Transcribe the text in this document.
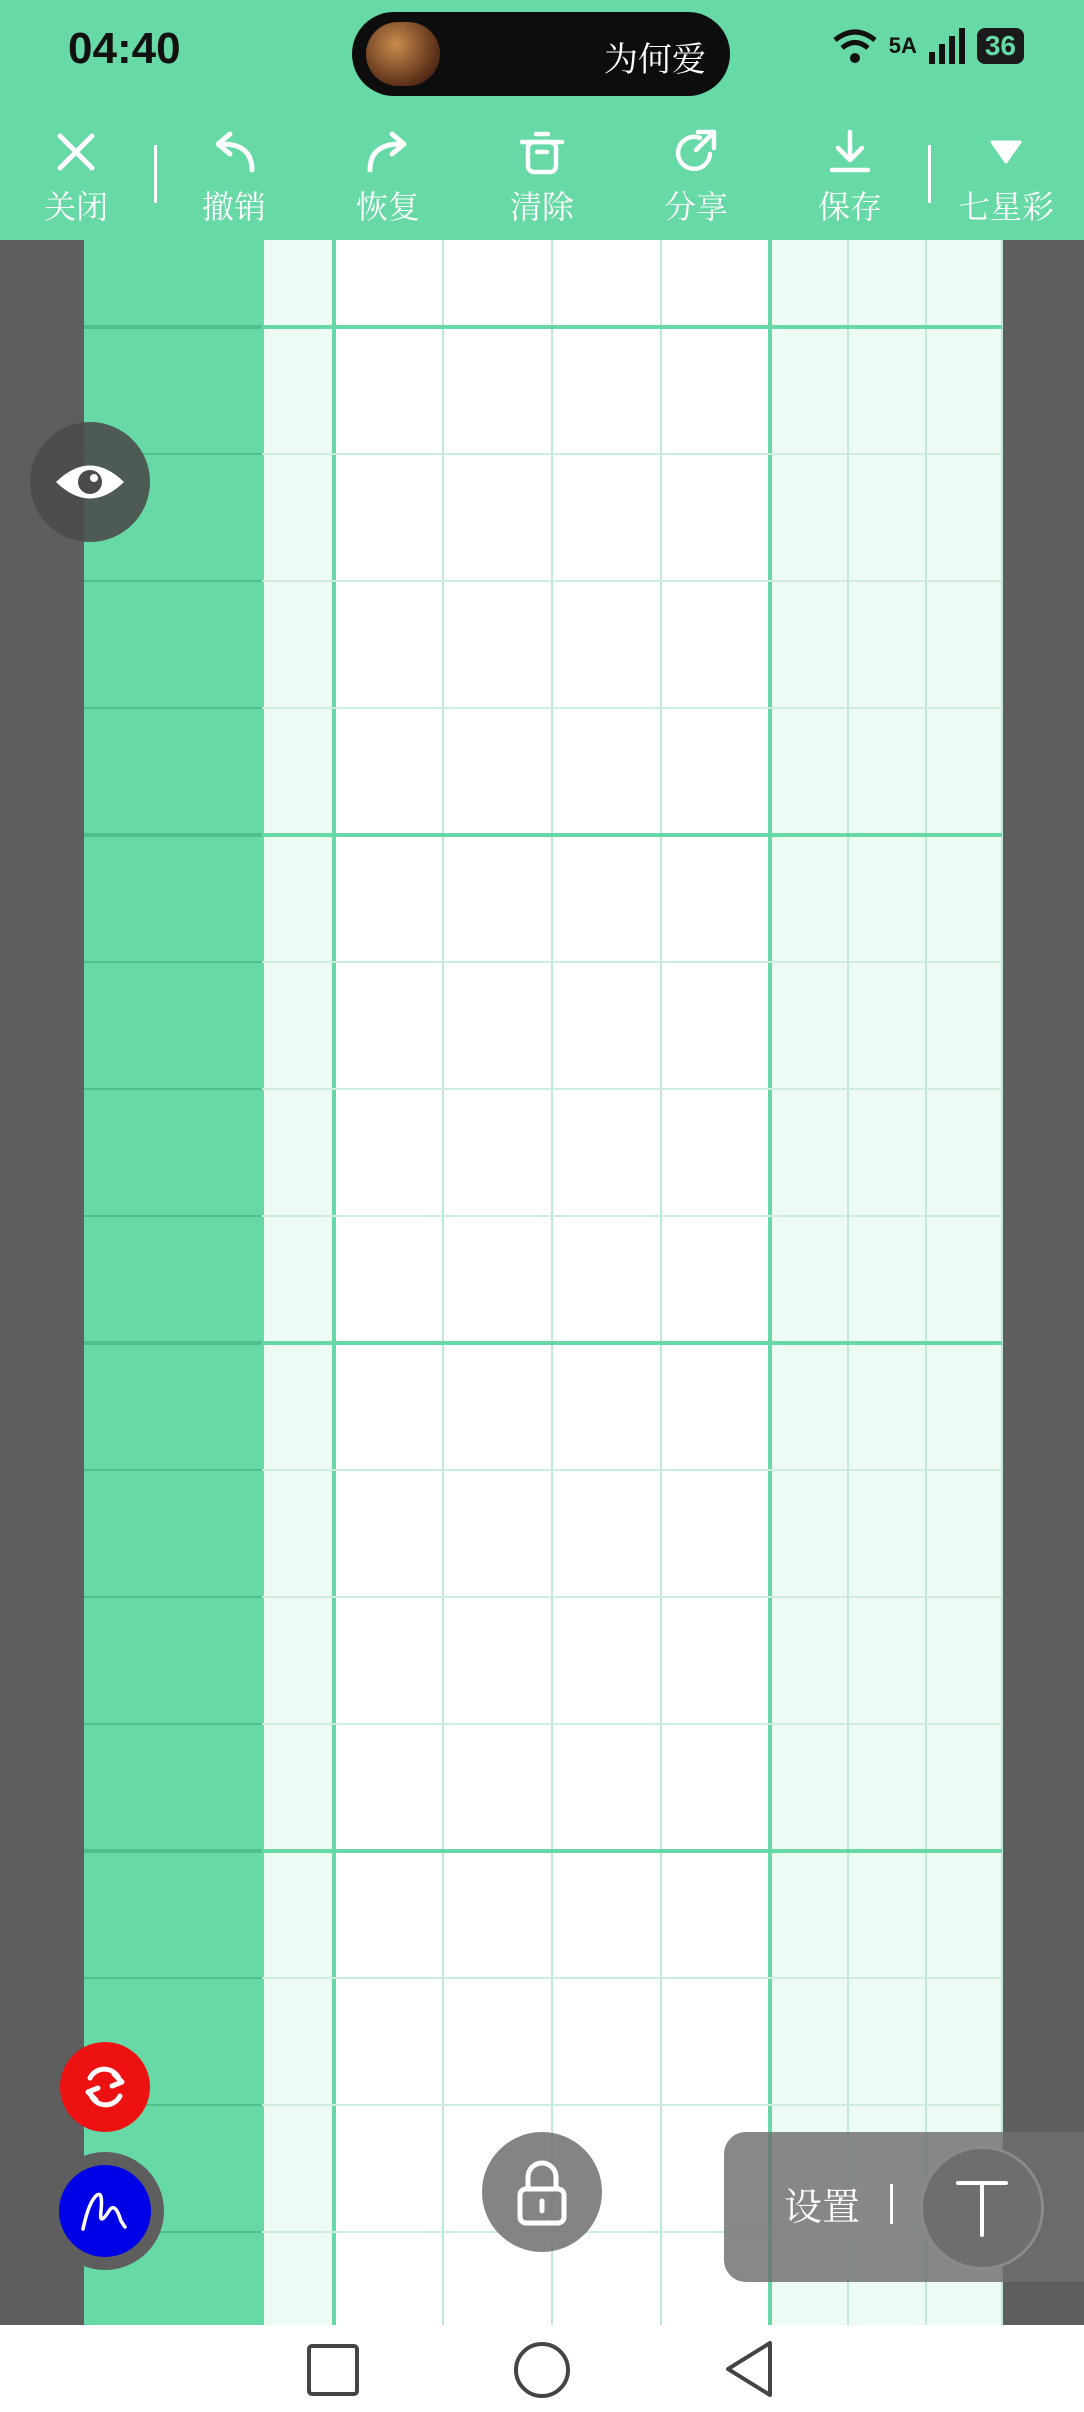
04:40	为何爱	5A 36
关闭	撤销	恢复	清除	分享	保存	七星彩
设置
